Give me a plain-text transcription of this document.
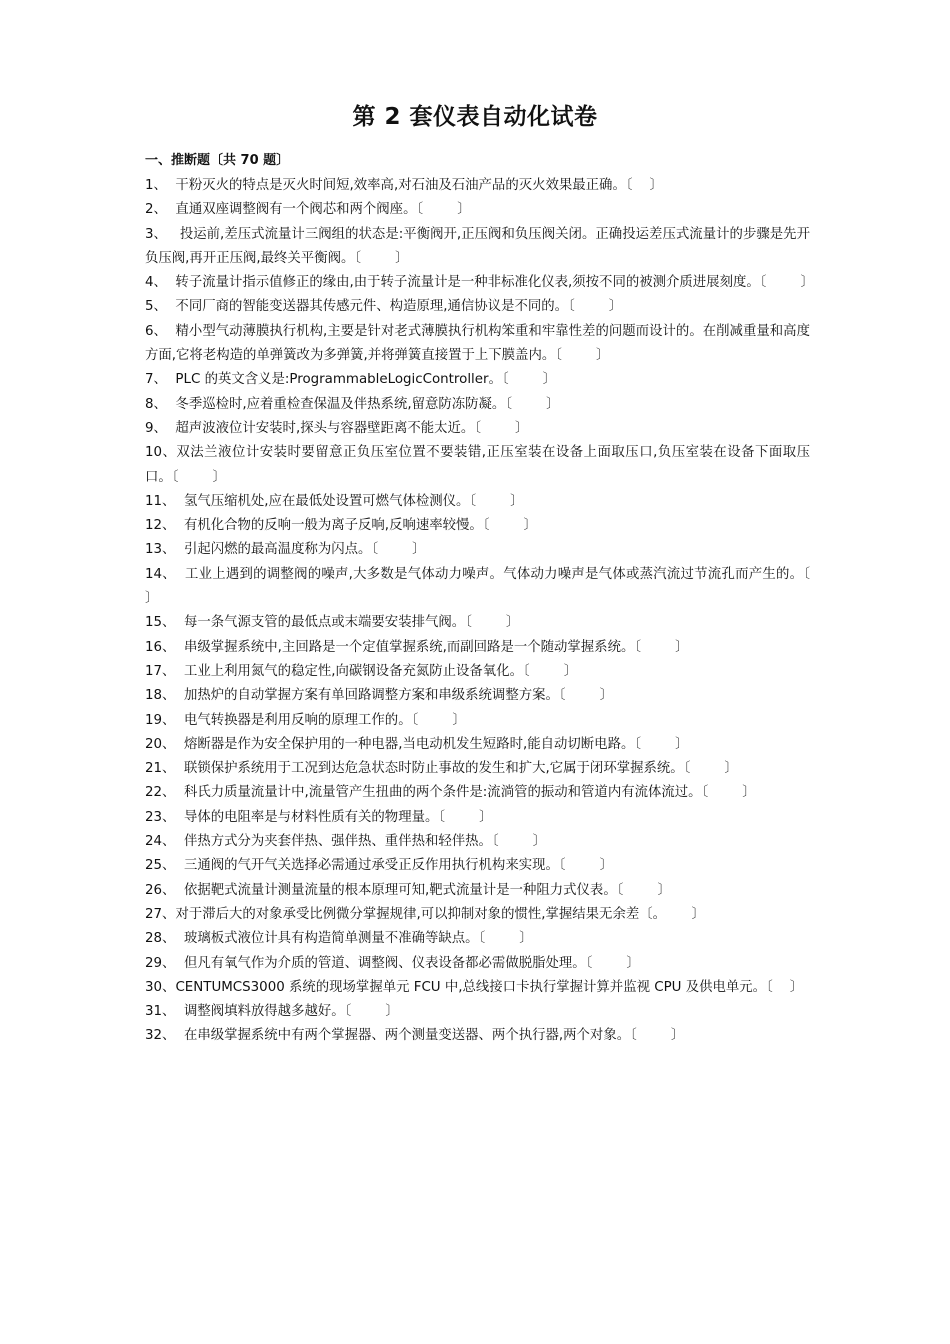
第 2 套仪表自动化试卷
一、推断题〔共 70 题〕

1、  干粉灭火的特点是灭火时间短,效率高,对石油及石油产品的灭火效果最正确。〔    〕

2、  直通双座调整阀有一个阀芯和两个阀座。〔        〕

3、   投运前,差压式流量计三阀组的状态是:平衡阀开,正压阀和负压阀关闭。正确投运差压式流量计的步骤是先开负压阀,再开正压阀,最终关平衡阀。〔        〕

4、  转子流量计指示值修正的缘由,由于转子流量计是一种非标准化仪表,须按不同的被测介质进展刻度。〔        〕

5、  不同厂商的智能变送器其传感元件、构造原理,通信协议是不同的。〔        〕

6、  精小型气动薄膜执行机构,主要是针对老式薄膜执行机构笨重和牢靠性差的问题而设计的。在削减重量和高度方面,它将老构造的单弹簧改为多弹簧,并将弹簧直接置于上下膜盖内。〔        〕

7、  PLC 的英文含义是:ProgrammableLogicController。〔        〕

8、  冬季巡检时,应着重检查保温及伴热系统,留意防冻防凝。〔        〕

9、  超声波液位计安装时,探头与容器壁距离不能太近。〔        〕

10、双法兰液位计安装时要留意正负压室位置不要装错,正压室装在设备上面取压口,负压室装在设备下面取压口。〔        〕

11、  氢气压缩机处,应在最低处设置可燃气体检测仪。〔        〕

12、  有机化合物的反响一般为离子反响,反响速率较慢。〔        〕

13、  引起闪燃的最高温度称为闪点。〔        〕

14、  工业上遇到的调整阀的噪声,大多数是气体动力噪声。气体动力噪声是气体或蒸汽流过节流孔而产生的。〔        〕

15、  每一条气源支管的最低点或末端要安装排气阀。〔        〕

16、  串级掌握系统中,主回路是一个定值掌握系统,而副回路是一个随动掌握系统。〔        〕

17、  工业上利用氮气的稳定性,向碳钢设备充氮防止设备氧化。〔        〕

18、  加热炉的自动掌握方案有单回路调整方案和串级系统调整方案。〔        〕

19、  电气转换器是利用反响的原理工作的。〔        〕

20、  熔断器是作为安全保护用的一种电器,当电动机发生短路时,能自动切断电路。〔        〕

21、  联锁保护系统用于工况到达危急状态时防止事故的发生和扩大,它属于闭环掌握系统。〔        〕

22、  科氏力质量流量计中,流量管产生扭曲的两个条件是:流淌管的振动和管道内有流体流过。〔        〕

23、  导体的电阻率是与材料性质有关的物理量。〔        〕

24、  伴热方式分为夹套伴热、强伴热、重伴热和轻伴热。〔        〕

25、  三通阀的气开气关选择必需通过承受正反作用执行机构来实现。〔        〕

26、  依据靶式流量计测量流量的根本原理可知,靶式流量计是一种阻力式仪表。〔        〕

27、对于滞后大的对象承受比例微分掌握规律,可以抑制对象的惯性,掌握结果无余差〔。      〕

28、  玻璃板式液位计具有构造简单测量不准确等缺点。〔        〕

29、  但凡有氧气作为介质的管道、调整阀、仪表设备都必需做脱脂处理。〔        〕

30、CENTUMCS3000 系统的现场掌握单元 FCU 中,总线接口卡执行掌握计算并监视 CPU 及供电单元。〔    〕

31、  调整阀填料放得越多越好。〔        〕

32、  在串级掌握系统中有两个掌握器、两个测量变送器、两个执行器,两个对象。〔        〕
